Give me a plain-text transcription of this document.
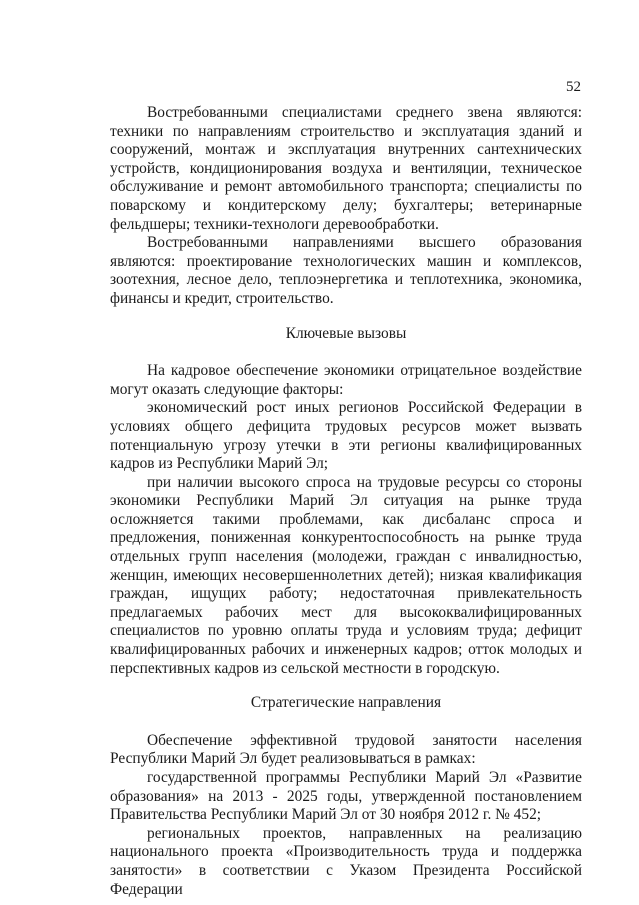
52

Востребованными специалистами среднего звена являются: техники по направлениям строительство и эксплуатация зданий и сооружений, монтаж и эксплуатация внутренних сантехнических устройств, кондиционирования воздуха и вентиляции, техническое обслуживание и ремонт автомобильного транспорта; специалисты по поварскому и кондитерскому делу; бухгалтеры; ветеринарные фельдшеры; техники-технологи деревообработки.

Востребованными направлениями высшего образования являются: проектирование технологических машин и комплексов, зоотехния, лесное дело, теплоэнергетика и теплотехника, экономика, финансы и кредит, строительство.

Ключевые вызовы

На кадровое обеспечение экономики отрицательное воздействие могут оказать следующие факторы:

экономический рост иных регионов Российской Федерации в условиях общего дефицита трудовых ресурсов может вызвать потенциальную угрозу утечки в эти регионы квалифицированных кадров из Республики Марий Эл;

при наличии высокого спроса на трудовые ресурсы со стороны экономики Республики Марий Эл ситуация на рынке труда осложняется такими проблемами, как дисбаланс спроса и предложения, пониженная конкурентоспособность на рынке труда отдельных групп населения (молодежи, граждан с инвалидностью, женщин, имеющих несовершеннолетних детей); низкая квалификация граждан, ищущих работу; недостаточная привлекательность предлагаемых рабочих мест для высококвалифицированных специалистов по уровню оплаты труда и условиям труда; дефицит квалифицированных рабочих и инженерных кадров; отток молодых и перспективных кадров из сельской местности в городскую.

Стратегические направления

Обеспечение эффективной трудовой занятости населения Республики Марий Эл будет реализовываться в рамках:

государственной программы Республики Марий Эл «Развитие образования» на 2013 - 2025 годы, утвержденной постановлением Правительства Республики Марий Эл от 30 ноября 2012 г. № 452;

региональных проектов, направленных на реализацию национального проекта «Производительность труда и поддержка занятости» в соответствии с Указом Президента Российской Федерации
